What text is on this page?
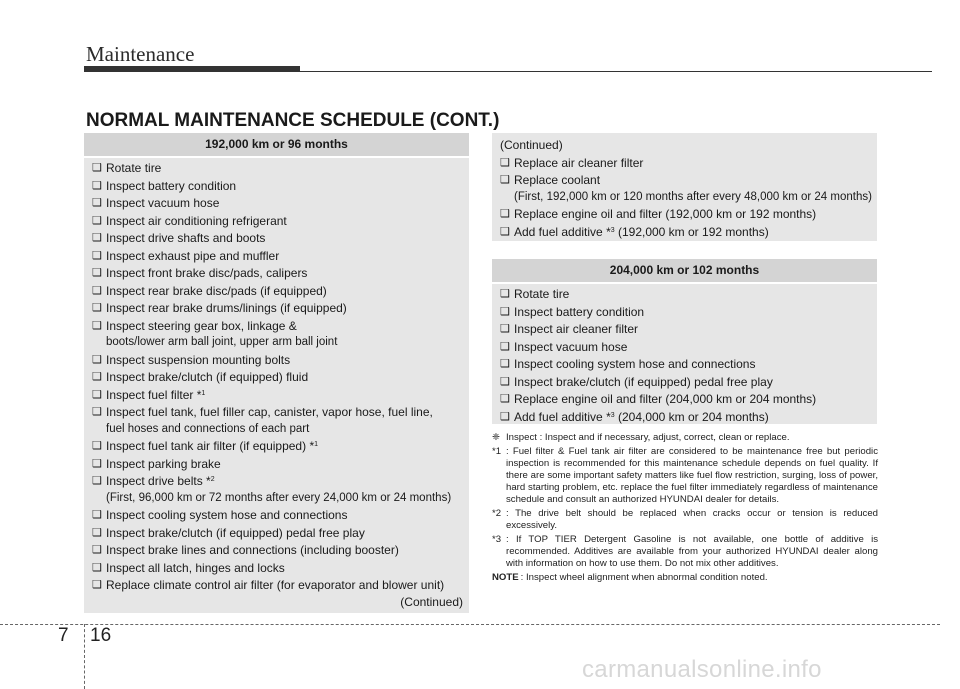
Maintenance
NORMAL MAINTENANCE SCHEDULE (CONT.)
192,000 km or 96 months
❑ Rotate tire
❑ Inspect battery condition
❑ Inspect vacuum hose
❑ Inspect air conditioning refrigerant
❑ Inspect drive shafts and boots
❑ Inspect exhaust pipe and muffler
❑ Inspect front brake disc/pads, calipers
❑ Inspect rear brake disc/pads (if equipped)
❑ Inspect rear brake drums/linings (if equipped)
❑ Inspect steering gear box, linkage &
boots/lower arm ball joint, upper arm ball joint
❑ Inspect suspension mounting bolts
❑ Inspect brake/clutch (if equipped) fluid
❑ Inspect fuel filter *$^1$
❑ Inspect fuel tank, fuel filler cap, canister, vapor hose, fuel line,
fuel hoses and connections of each part
❑ Inspect fuel tank air filter (if equipped) *$^1$
❑ Inspect parking brake
❑ Inspect drive belts *$^2$
(First, 96,000 km or 72 months after every 24,000 km or 24 months)
❑ Inspect cooling system hose and connections
❑ Inspect brake/clutch (if equipped) pedal free play
❑ Inspect brake lines and connections (including booster)
❑ Inspect all latch, hinges and locks
❑ Replace climate control air filter (for evaporator and blower unit)
(Continued)
(Continued)
❑ Replace air cleaner filter
❑ Replace coolant
(First, 192,000 km or 120 months after every 48,000 km or 24 months)
❑ Replace engine oil and filter (192,000 km or 192 months)
❑ Add fuel additive *$^3$ (192,000 km or 192 months)
204,000 km or 102 months
❑ Rotate tire
❑ Inspect battery condition
❑ Inspect air cleaner filter
❑ Inspect vacuum hose
❑ Inspect cooling system hose and connections
❑ Inspect brake/clutch (if equipped) pedal free play
❑ Replace engine oil and filter (204,000 km or 204 months)
❑ Add fuel additive *$^3$ (204,000 km or 204 months)
❈ Inspect : Inspect and if necessary, adjust, correct, clean or replace.
*1 : Fuel filter & Fuel tank air filter are considered to be maintenance free but periodic inspection is recommended for this maintenance schedule depends on fuel quality. If there are some important safety matters like fuel flow restriction, surging, loss of power, hard starting problem, etc. replace the fuel filter immediately regardless of maintenance schedule and consult an authorized HYUNDAI dealer for details.
*2 : The drive belt should be replaced when cracks occur or tension is reduced excessively.
*3 : If TOP TIER Detergent Gasoline is not available, one bottle of additive is recommended. Additives are available from your authorized HYUNDAI dealer along with information on how to use them. Do not mix other additives.
NOTE : Inspect wheel alignment when abnormal condition noted.
7 16
carmanualsonline.info
